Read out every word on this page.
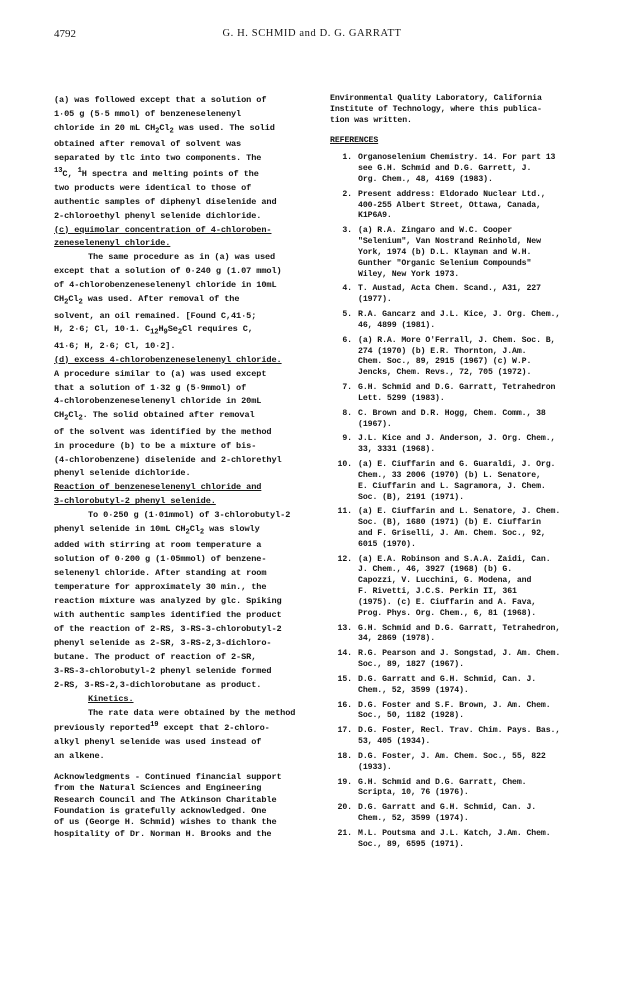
4792	G. H. SCHMID and D. G. GARRATT
(a) was followed except that a solution of
1·05 g (5·5 mmol) of benzeneselenenyl
chloride in 20 mL $CH_2Cl_2$ was used. The solid
obtained after removal of solvent was
separated by tlc into two components. The
$^{13}$C, $^1$H spectra and melting points of the
two products were identical to those of
authentic samples of diphenyl diselenide and
2-chloroethyl phenyl selenide dichloride.
(c) equimolar concentration of 4-chloroben-
zeneselenenyl chloride.
The same procedure as in (a) was used
except that a solution of 0·240 g (1.07 mmol)
of 4-chlorobenzeneselenenyl chloride in 10mL
$CH_2Cl_2$ was used. After removal of the
solvent, an oil remained. [Found C,41·5;
H, 2·6; Cl, 10·1. $C_{12}H_9Se_2Cl$ requires C,
41·6; H, 2·6; Cl, 10·2].
(d) excess 4-chlorobenzeneselenenyl chloride.
A procedure similar to (a) was used except
that a solution of 1·32 g (5·9mmol) of
4-chlorobenzeneselenenyl chloride in 20mL
$CH_2Cl_2$. The solid obtained after removal
of the solvent was identified by the method
in procedure (b) to be a mixture of bis-
(4-chlorobenzene) diselenide and 2-chlorethyl
phenyl selenide dichloride.
Reaction of benzeneselenenyl chloride and
3-chlorobutyl-2 phenyl selenide.
To 0·250 g (1·01mmol) of 3-chlorobutyl-2
phenyl selenide in 10mL $CH_2Cl_2$ was slowly
added with stirring at room temperature a
solution of 0·200 g (1·05mmol) of benzene-
selenenyl chloride. After standing at room
temperature for approximately 30 min., the
reaction mixture was analyzed by glc. Spiking
with authentic samples identified the product
of the reaction of 2-RS, 3-RS-3-chlorobutyl-2
phenyl selenide as 2-SR, 3-RS-2,3-dichloro-
butane. The product of reaction of 2-SR,
3-RS-3-chlorobutyl-2 phenyl selenide formed
2-RS, 3-RS-2,3-dichlorobutane as product.
Kinetics.
The rate data were obtained by the method
previously reported$^{19}$ except that 2-chloro-
alkyl phenyl selenide was used instead of
an alkene.
Acknowledgments - Continued financial support
from the Natural Sciences and Engineering
Research Council and The Atkinson Charitable
Foundation is gratefully acknowledged. One
of us (George H. Schmid) wishes to thank the
hospitality of Dr. Norman H. Brooks and the
Environmental Quality Laboratory, California
Institute of Technology, where this publica-
tion was written.
REFERENCES
1. Organoselenium Chemistry. 14. For part 13
see G.H. Schmid and D.G. Garrett, J.
Org. Chem., 48, 4169 (1983).
2. Present address: Eldorado Nuclear Ltd.,
400-255 Albert Street, Ottawa, Canada,
K1P6A9.
3. (a) R.A. Zingaro and W.C. Cooper
"Selenium", Van Nostrand Reinhold, New
York, 1974 (b) D.L. Klayman and W.H.
Gunther "Organic Selenium Compounds"
Wiley, New York 1973.
4. T. Austad, Acta Chem. Scand., A31, 227
(1977).
5. R.A. Gancarz and J.L. Kice, J. Org. Chem.,
46, 4899 (1981).
6. (a) R.A. More O'Ferrall, J. Chem. Soc. B,
274 (1970) (b) E.R. Thornton, J.Am.
Chem. Soc., 89, 2915 (1967) (c) W.P.
Jencks, Chem. Revs., 72, 705 (1972).
7. G.H. Schmid and D.G. Garratt, Tetrahedron
Lett. 5299 (1983).
8. C. Brown and D.R. Hogg, Chem. Comm., 38
(1967).
9. J.L. Kice and J. Anderson, J. Org. Chem.,
33, 3331 (1968).
10. (a) E. Ciuffarin and G. Guaraldi, J. Org.
Chem., 33 2006 (1970) (b) L. Senatore,
E. Ciuffarin and L. Sagramora, J. Chem.
Soc. (B), 2191 (1971).
11. (a) E. Ciuffarin and L. Senatore, J. Chem.
Soc. (B), 1680 (1971) (b) E. Ciuffarin
and F. Griselli, J. Am. Chem. Soc., 92,
6015 (1970).
12. (a) E.A. Robinson and S.A.A. Zaidi, Can.
J. Chem., 46, 3927 (1968) (b) G.
Capozzi, V. Lucchini, G. Modena, and
F. Rivetti, J.C.S. Perkin II, 361
(1975). (c) E. Ciuffarin and A. Fava,
Prog. Phys. Org. Chem., 6, 81 (1968).
13. G.H. Schmid and D.G. Garratt, Tetrahedron,
34, 2869 (1978).
14. R.G. Pearson and J. Songstad, J. Am. Chem.
Soc., 89, 1827 (1967).
15. D.G. Garratt and G.H. Schmid, Can. J.
Chem., 52, 3599 (1974).
16. D.G. Foster and S.F. Brown, J. Am. Chem.
Soc., 50, 1182 (1928).
17. D.G. Foster, Recl. Trav. Chim. Pays. Bas.,
53, 405 (1934).
18. D.G. Foster, J. Am. Chem. Soc., 55, 822
(1933).
19. G.H. Schmid and D.G. Garratt, Chem.
Scripta, 10, 76 (1976).
20. D.G. Garratt and G.H. Schmid, Can. J.
Chem., 52, 3599 (1974).
21. M.L. Poutsma and J.L. Katch, J.Am. Chem.
Soc., 89, 6595 (1971).
